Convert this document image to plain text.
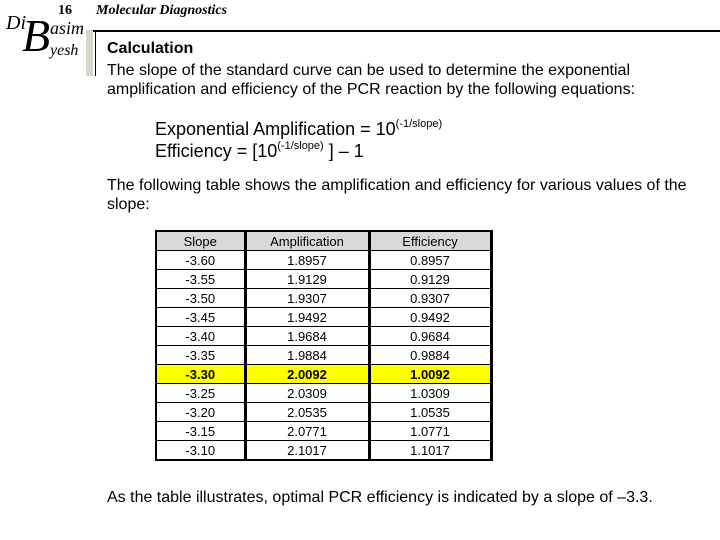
Di
B asim
yesh
16 Molecular Diagnostics
Calculation
The slope of the standard curve can be used to determine the exponential amplification and efficiency of the PCR reaction by the following equations:
Exponential Amplification = $10^{(-1/slope)}$
Efficiency = [$10^{(-1/slope)}$ ] – 1
The following table shows the amplification and efficiency for various values of the slope:
Slope	Amplification	Efficiency
-3.60	1.8957	0.8957
-3.55	1.9129	0.9129
-3.50	1.9307	0.9307
-3.45	1.9492	0.9492
-3.40	1.9684	0.9684
-3.35	1.9884	0.9884
-3.30	2.0092	1.0092
-3.25	2.0309	1.0309
-3.20	2.0535	1.0535
-3.15	2.0771	1.0771
-3.10	2.1017	1.1017
As the table illustrates, optimal PCR efficiency is indicated by a slope of –3.3.
